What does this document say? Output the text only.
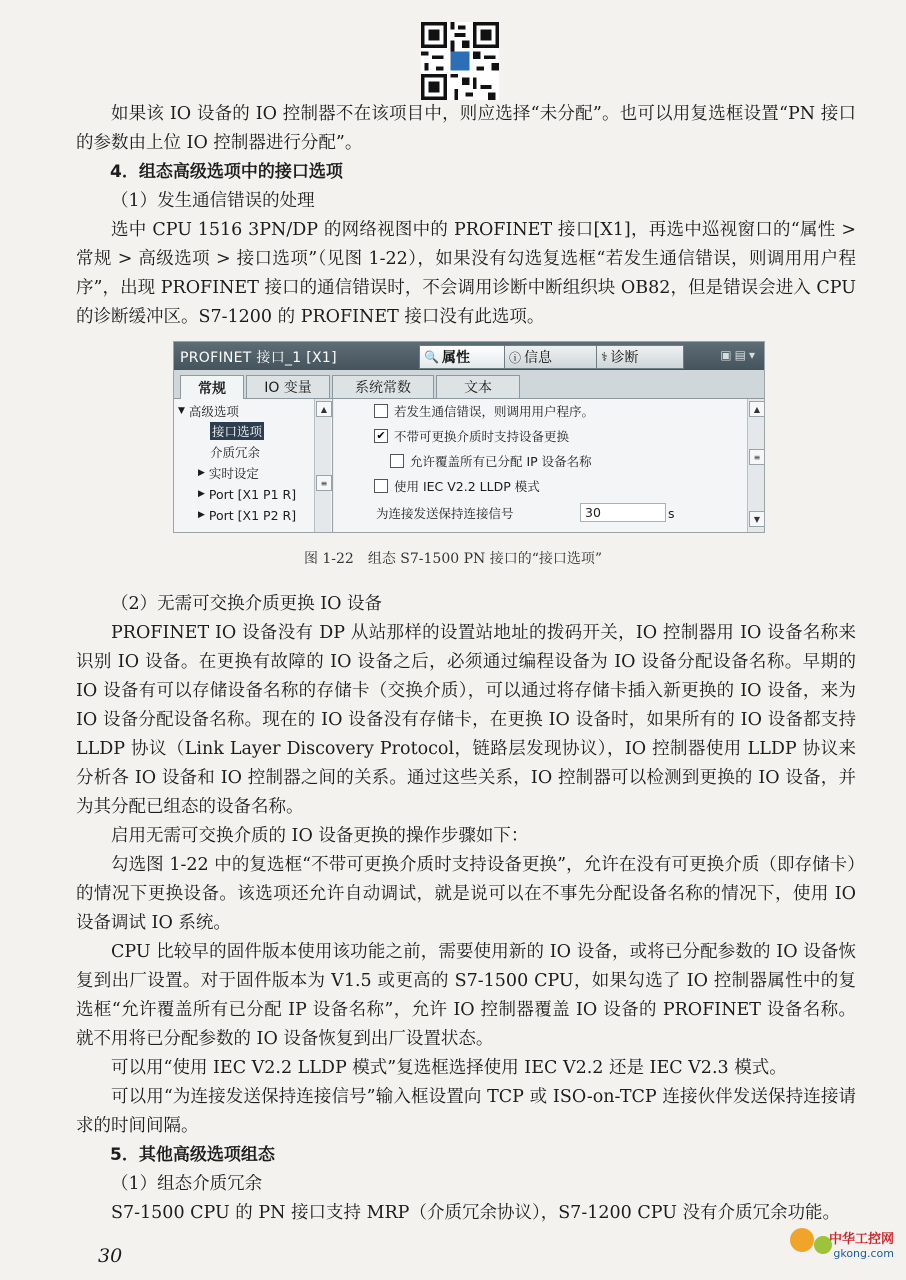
如果该 IO 设备的 IO 控制器不在该项目中，则应选择“未分配”。也可以用复选框设置“PN 接口的参数由上位 IO 控制器进行分配”。

4．组态高级选项中的接口选项

（1）发生通信错误的处理

选中 CPU 1516 3PN/DP 的网络视图中的 PROFINET 接口[X1]，再选中巡视窗口的“属性 > 常规 > 高级选项 > 接口选项”（见图 1-22），如果没有勾选复选框“若发生通信错误，则调用用户程序”，出现 PROFINET 接口的通信错误时，不会调用诊断中断组织块 OB82，但是错误会进入 CPU 的诊断缓冲区。S7-1200 的 PROFINET 接口没有此选项。

PROFINET 接口_1 [X1]	🔍 属性	ⓘ 信息	⚕ 诊断	▣▤▾
常规	IO 变量	系统常数	文本
▼ 高级选项
接口选项
介质冗余
▶ 实时设定
▶ Port [X1 P1 R]
▶ Port [X1 P2 R]
▲
≡
若发生通信错误，则调用用户程序。
✔ 不带可更换介质时支持设备更换
允许覆盖所有已分配 IP 设备名称
使用 IEC V2.2 LLDP 模式
为连接发送保持连接信号	30	s
▲
≡
▼
图 1-22　组态 S7-1500 PN 接口的“接口选项”

（2）无需可交换介质更换 IO 设备

PROFINET IO 设备没有 DP 从站那样的设置站地址的拨码开关，IO 控制器用 IO 设备名称来识别 IO 设备。在更换有故障的 IO 设备之后，必须通过编程设备为 IO 设备分配设备名称。早期的 IO 设备有可以存储设备名称的存储卡（交换介质），可以通过将存储卡插入新更换的 IO 设备，来为 IO 设备分配设备名称。现在的 IO 设备没有存储卡，在更换 IO 设备时，如果所有的 IO 设备都支持 LLDP 协议（Link Layer Discovery Protocol，链路层发现协议），IO 控制器使用 LLDP 协议来分析各 IO 设备和 IO 控制器之间的关系。通过这些关系，IO 控制器可以检测到更换的 IO 设备，并为其分配已组态的设备名称。

启用无需可交换介质的 IO 设备更换的操作步骤如下：

勾选图 1-22 中的复选框“不带可更换介质时支持设备更换”，允许在没有可更换介质（即存储卡）的情况下更换设备。该选项还允许自动调试，就是说可以在不事先分配设备名称的情况下，使用 IO 设备调试 IO 系统。

CPU 比较早的固件版本使用该功能之前，需要使用新的 IO 设备，或将已分配参数的 IO 设备恢复到出厂设置。对于固件版本为 V1.5 或更高的 S7-1500 CPU，如果勾选了 IO 控制器属性中的复选框“允许覆盖所有已分配 IP 设备名称”，允许 IO 控制器覆盖 IO 设备的 PROFINET 设备名称。就不用将已分配参数的 IO 设备恢复到出厂设置状态。

可以用“使用 IEC V2.2 LLDP 模式”复选框选择使用 IEC V2.2 还是 IEC V2.3 模式。

可以用“为连接发送保持连接信号”输入框设置向 TCP 或 ISO-on-TCP 连接伙伴发送保持连接请求的时间间隔。

5．其他高级选项组态

（1）组态介质冗余

S7-1500 CPU 的 PN 接口支持 MRP（介质冗余协议），S7-1200 CPU 没有介质冗余功能。

30
中华工控网
gkong.com
